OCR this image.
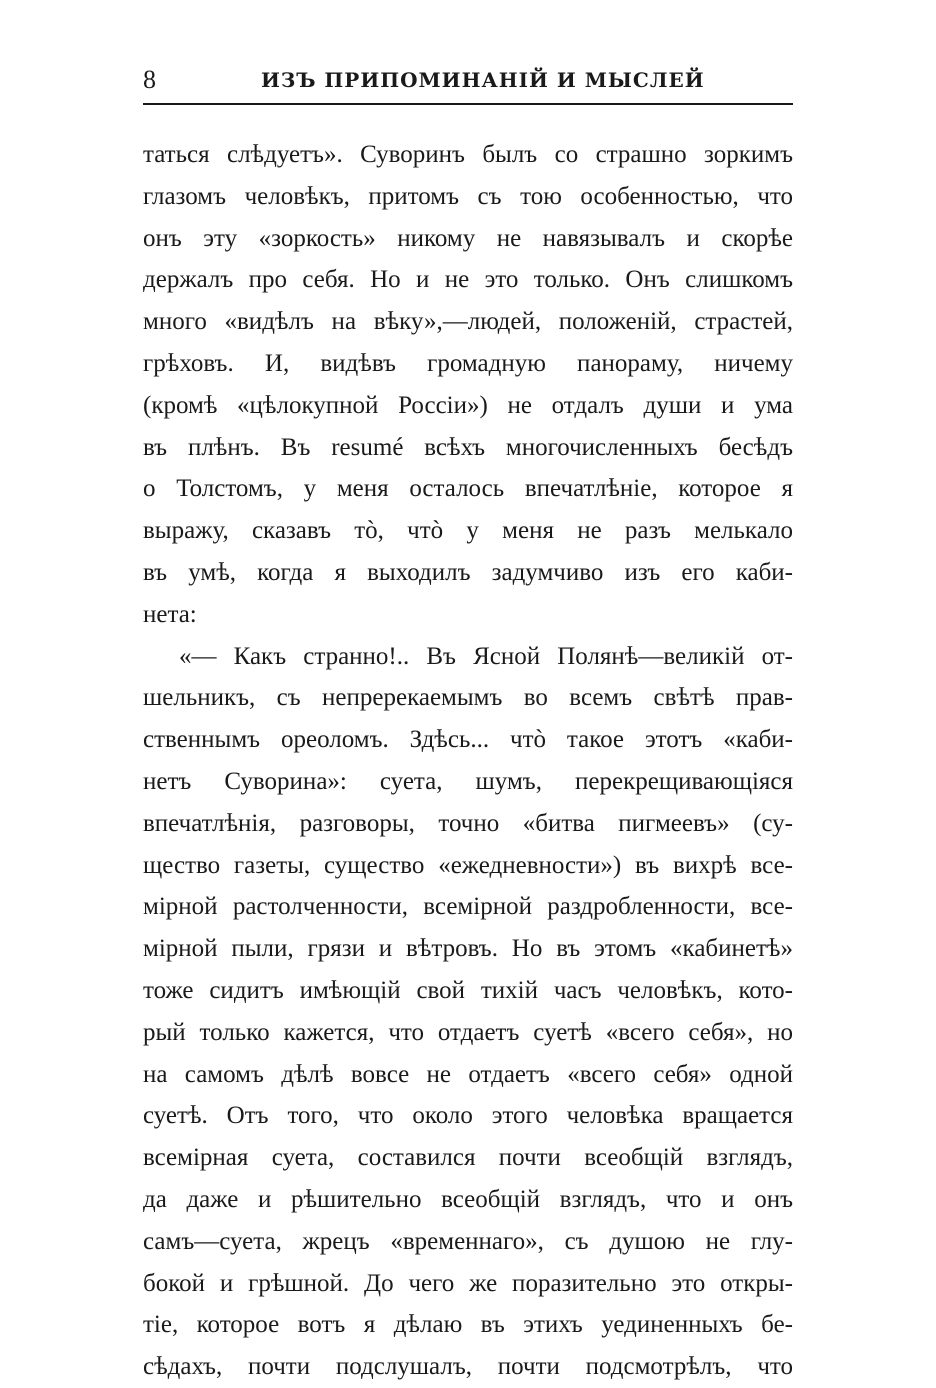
8	ИЗЪ ПРИПОМИНАНІЙ И МЫСЛЕЙ
таться слѣдуетъ». Суворинъ былъ со страшно зоркимъ
глазомъ человѣкъ, притомъ съ тою особенностью, что
онъ эту «зоркость» никому не навязывалъ и скорѣе
держалъ про себя. Но и не это только. Онъ слишкомъ
много «видѣлъ на вѣку»,—людей, положеній, страстей,
грѣховъ. И, видѣвъ громадную панораму, ничему
(кромѣ «цѣлокупной Россіи») не отдалъ души и ума
въ плѣнъ. Въ resumé всѣхъ многочисленныхъ бесѣдъ
о Толстомъ, у меня осталось впечатлѣніе, которое я
выражу, сказавъ тò, чтò у меня не разъ мелькало
въ умѣ, когда я выходилъ задумчиво изъ его каби-
нета:
«— Какъ странно!.. Въ Ясной Полянѣ—великій от-
шельникъ, съ непререкаемымъ во всемъ свѣтѣ прав-
ственнымъ ореоломъ. Здѣсь... чтò такое этотъ «каби-
нетъ Суворина»: суета, шумъ, перекрещивающіяся
впечатлѣнія, разговоры, точно «битва пигмеевъ» (су-
щество газеты, существо «ежедневности») въ вихрѣ все-
мірной растолченности, всемірной раздробленности, все-
мірной пыли, грязи и вѣтровъ. Но въ этомъ «кабинетѣ»
тоже сидитъ имѣющій свой тихій часъ человѣкъ, кото-
рый только кажется, что отдаетъ суетѣ «всего себя», но
на самомъ дѣлѣ вовсе не отдаетъ «всего себя» одной
суетѣ. Отъ того, что около этого человѣка вращается
всемірная суета, составился почти всеобщій взглядъ,
да даже и рѣшительно всеобщій взглядъ, что и онъ
самъ—суета, жрецъ «временнаго», съ душою не глу-
бокой и грѣшной. До чего же поразительно это откры-
тіе, которое вотъ я дѣлаю въ этихъ уединенныхъ бе-
сѣдахъ, почти подслушалъ, почти подсмотрѣлъ, что
